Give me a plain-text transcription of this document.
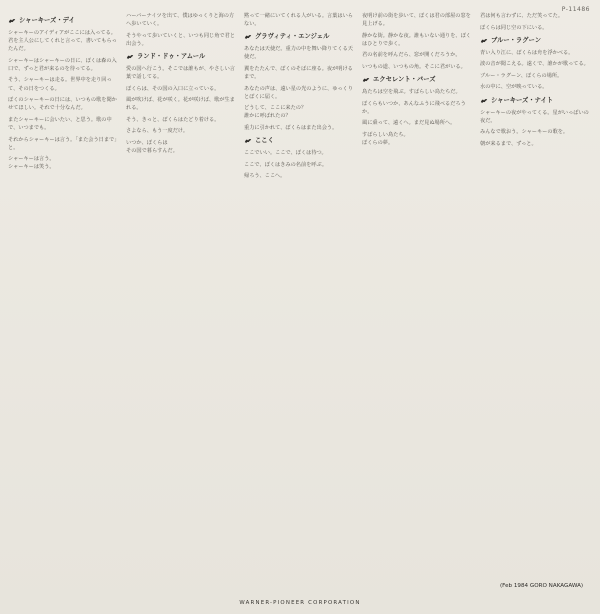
P-11486
シャーキーズ・デイ
シャーキーのアイディアがここには入ってる。君を主人公にしてくれと言って、書いてもらったんだ。
シャーキーはシャーキーの日に、ぼくは森の入口で、ずっと君が来るのを待ってる。
そう、シャーキーは走る。世界中を走り回って、その日をつくる。
ぼくのシャーキーの日には、いつもの歌を聞かせてほしい。それで十分なんだ。
またシャーキーに会いたい、と思う。歌の中で、いつまでも。
それからシャーキーは言う。「また会う日まで」と。
シャーキーは言う。
シャーキーは笑う。
ハーバーナイツを出て、僕はゆっくりと海の方へ歩いていく。
そうやって歩いていくと、いつも同じ角で君と出会う。
ランド・ドゥ・アムール
愛の国へ行こう。そこでは誰もが、やさしい言葉で話してる。
ぼくらは、その国の入口に立っている。
風が吹けば、花が咲く。花が咲けば、歌が生まれる。
そう、きっと、ぼくらはたどり着ける。
さよなら、もう一度だけ。
いつか、ぼくらは
その国で暮らすんだ。
黙って一緒にいてくれる人がいる。言葉はいらない。
グラヴィティ・エンジェル
あなたは天使だ。重力の中を舞い降りてくる天使だ。
翼をたたんで、ぼくのそばに座る。夜が明けるまで。
あなたの声は、遠い星の光のように、ゆっくりとぼくに届く。
どうして、ここに来たの？
誰かに呼ばれたの？
重力に引かれて、ぼくらはまた出会う。
ここく
ここでいい。ここで、ぼくは待つ。
ここで、ぼくはきみの名前を呼ぶ。
帰ろう、ここへ。
夜明け前の街を歩いて、ぼくは君の部屋の窓を見上げる。
静かな街。静かな夜。誰もいない通りを、ぼくはひとりで歩く。
君の名前を呼んだら、窓が開くだろうか。
いつもの道、いつもの角。そこに君がいる。
エクセレント・バーズ
鳥たちは空を飛ぶ。すばらしい鳥たちだ。
ぼくらもいつか、あんなふうに飛べるだろうか。
風に乗って、遠くへ。まだ見ぬ場所へ。
すばらしい鳥たち。
ぼくらの夢。
君は何も言わずに、ただ笑ってた。
ぼくらは同じ空の下にいる。
ブルー・ラグーン
青い入り江に、ぼくらは舟を浮かべる。
波の音が聞こえる。遠くで、誰かが歌ってる。
ブルー・ラグーン、ぼくらの場所。
水の中に、空が映っている。
シャーキーズ・ナイト
シャーキーの夜がやってくる。星がいっぱいの夜だ。
みんなで歌おう。シャーキーの歌を。
朝が来るまで、ずっと。
(Feb 1984 GORO NAKAGAWA)
WARNER-PIONEER CORPORATION
